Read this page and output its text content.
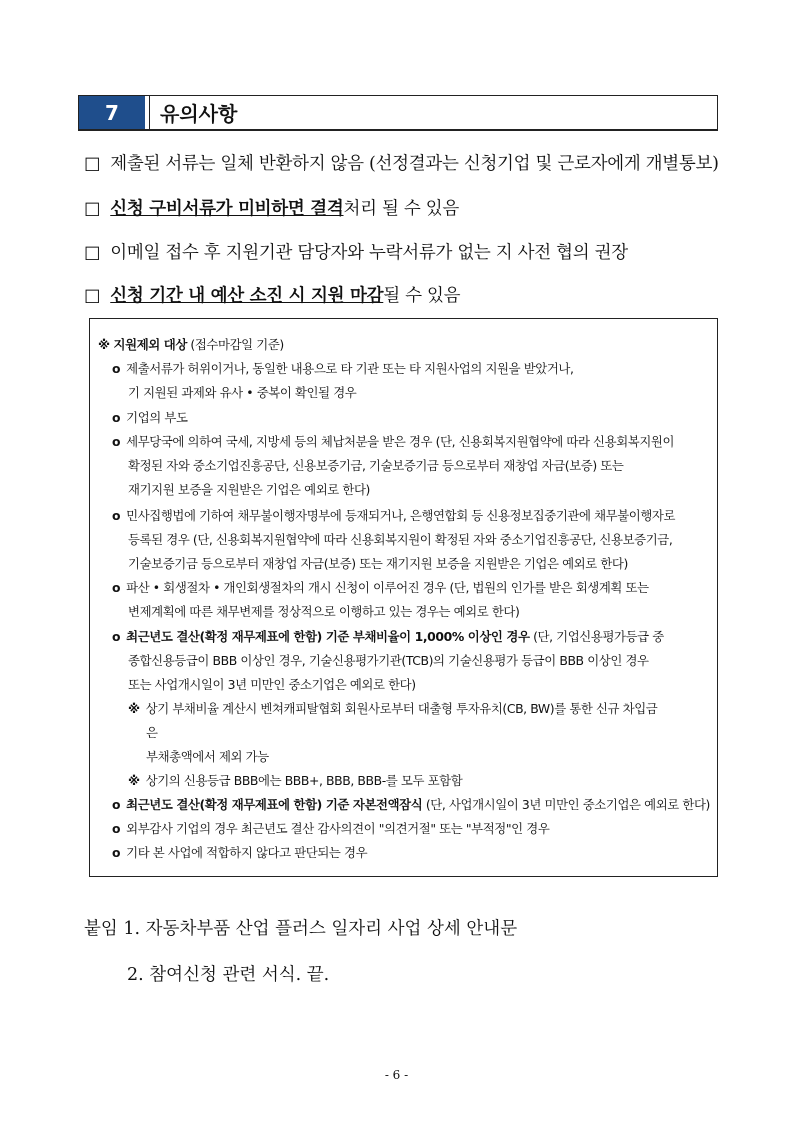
7	유의사항
□ 제출된 서류는 일체 반환하지 않음 (선정결과는 신청기업 및 근로자에게 개별통보)
□ 신청 구비서류가 미비하면 결격처리 될 수 있음
□ 이메일 접수 후 지원기관 담당자와 누락서류가 없는 지 사전 협의 권장
□ 신청 기간 내 예산 소진 시 지원 마감될 수 있음
※ 지원제외 대상 (접수마감일 기준)
o 제출서류가 허위이거나, 동일한 내용으로 타 기관 또는 타 지원사업의 지원을 받았거나,
기 지원된 과제와 유사 • 중복이 확인될 경우
o 기업의 부도
o 세무당국에 의하여 국세, 지방세 등의 체납처분을 받은 경우 (단, 신용회복지원협약에 따라 신용회복지원이
확정된 자와 중소기업진흥공단, 신용보증기금, 기술보증기금 등으로부터 재창업 자금(보증) 또는
재기지원 보증을 지원받은 기업은 예외로 한다)
o 민사집행법에 기하여 채무불이행자명부에 등재되거나, 은행연합회 등 신용정보집중기관에 채무불이행자로
등록된 경우 (단, 신용회복지원협약에 따라 신용회복지원이 확정된 자와 중소기업진흥공단, 신용보증기금,
기술보증기금 등으로부터 재창업 자금(보증) 또는 재기지원 보증을 지원받은 기업은 예외로 한다)
o 파산 • 회생절차 • 개인회생절차의 개시 신청이 이루어진 경우 (단, 법원의 인가를 받은 회생계획 또는
변제계획에 따른 채무변제를 정상적으로 이행하고 있는 경우는 예외로 한다)
o 최근년도 결산(확정 재무제표에 한함) 기준 부채비율이 1,000% 이상인 경우 (단, 기업신용평가등급 중
종합신용등급이 BBB 이상인 경우, 기술신용평가기관(TCB)의 기술신용평가 등급이 BBB 이상인 경우
또는 사업개시일이 3년 미만인 중소기업은 예외로 한다)
※ 상기 부채비율 계산시 벤쳐캐피탈협회 회원사로부터 대출형 투자유치(CB, BW)를 통한 신규 차입금
은
부채총액에서 제외 가능
※ 상기의 신용등급 BBB에는 BBB+, BBB, BBB-를 모두 포함함
o 최근년도 결산(확정 재무제표에 한함) 기준 자본전액잠식 (단, 사업개시일이 3년 미만인 중소기업은 예외로 한다)
o 외부감사 기업의 경우 최근년도 결산 감사의견이 "의견거절" 또는 "부적정"인 경우
o 기타 본 사업에 적합하지 않다고 판단되는 경우
붙임 1. 자동차부품 산업 플러스 일자리 사업 상세 안내문
2. 참여신청 관련 서식. 끝.
- 6 -
